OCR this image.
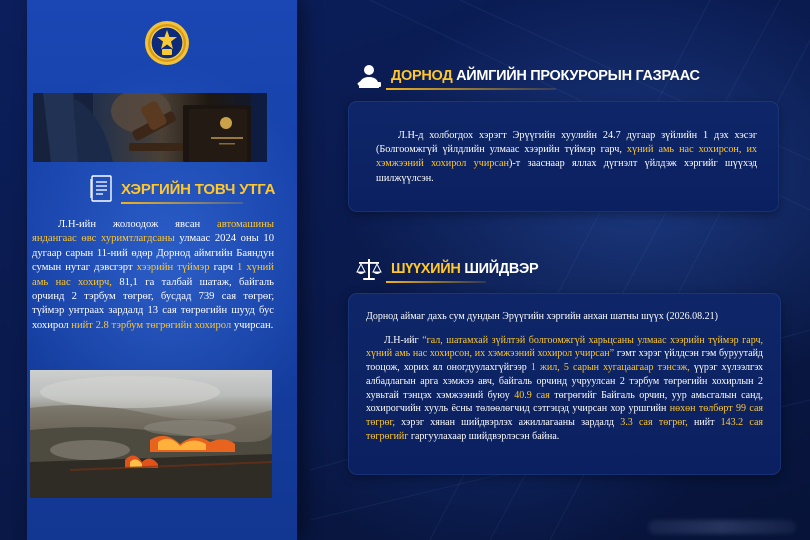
ХЭРГИЙН ТОВЧ УТГА

Л.Н-ийн жолоодож явсан автомашины яндангаас өвс хуримтлагдсаны улмаас 2024 оны 10 дугаар сарын 11-ний өдөр Дорнод аймгийн Баяндун сумын нутаг дэвсгэрт хээрийн түймэр гарч 1 хүний амь нас хохирч, 81,1 га талбай шатаж, байгаль орчинд 2 тэрбум төгрөг, бусдад 739 сая төгрөг, түймэр унтраах зардалд 13 сая төгрөгийн шууд бус хохирол нийт 2.8 тэрбум төгрөгийн хохирол учирсан.

ДОРНОД АЙМГИЙН ПРОКУРОРЫН ГАЗРААС

Л.Н-д холбогдох хэрэгт Эрүүгийн хуулийн 24.7 дугаар зүйлийн 1 дэх хэсэг (Болгоомжгүй үйлдлийн улмаас хээрийн түймэр гарч, хүний амь нас хохирсон, их хэмжээний хохирол учирсан)-т зааснаар яллах дүгнэлт үйлдэж хэргийг шүүхэд шилжүүлсэн.

ШҮҮХИЙН ШИЙДВЭР

Дорнод аймаг дахь сум дундын Эрүүгийн хэргийн анхан шатны шүүх (2026.08.21)

Л.Н-ийг “гал, шатамхай зүйлтэй болгоомжгүй харьцсаны улмаас хээрийн түймэр гарч, хүний амь нас хохирсон, их хэмжээний хохирол учирсан” гэмт хэрэг үйлдсэн гэм буруутайд тооцож, хорих ял оногдуулахгүйгээр 1 жил, 5 сарын хугацаагаар тэнсэж, үүрэг хүлээлгэх албадлагын арга хэмжээ авч, байгаль орчинд учруулсан 2 тэрбум төгрөгийн хохирлын 2 хувьтай тэнцэх хэмжээний буюу 40.9 сая төгрөгийг Байгаль орчин, уур амьсгалын санд, хохирогчийн хууль ёсны төлөөлөгчид сэтгэцэд учирсан хор уршгийн нөхөн төлбөрт 99 сая төгрөг, хэрэг хянан шийдвэрлэх ажиллагааны зардалд 3.3 сая төгрөг, нийт 143.2 сая төгрөгийг гаргуулахаар шийдвэрлэсэн байна.
